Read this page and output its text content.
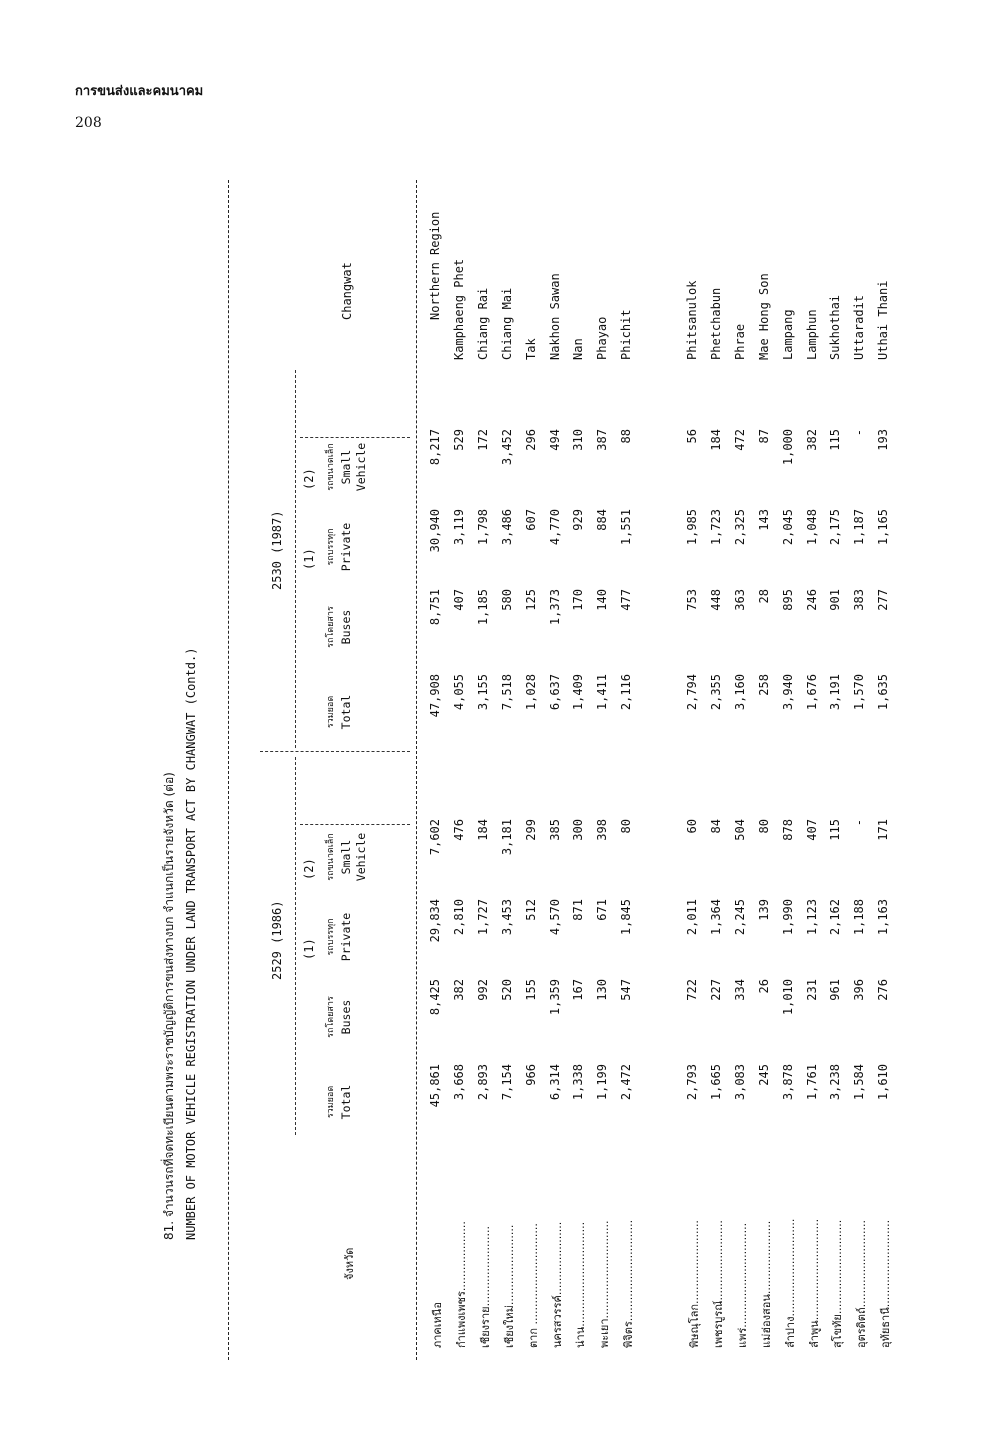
การขนส่งและคมนาคม
208
81. จำนวนรถที่จดทะเบียนตามพระราชบัญญัติการขนส่งทางบก จำแนกเป็นรายจังหวัด (ต่อ) NUMBER OF MOTOR VEHICLE REGISTRATION UNDER LAND TRANSPORT ACT BY CHANGWAT (Contd.)
จังหวัด
Changwat
2529 (1986)
2530 (1987)
(1)
(2)
(1)
(2)
รวมยอด Total
รถโดยสาร Buses
รถบรรทุก Private
รถขนาดเล็ก Small Vehicle
รวมยอด Total
รถโดยสาร Buses
รถบรรทุก Private
รถขนาดเล็ก Small Vehicle
ภาคเหนือ
45,861
8,425
29,834
7,602
47,908
8,751
30,940
8,217
Northern Region
กำแพงเพชร....................
3,668
382
2,810
476
4,055
407
3,119
529
Kamphaeng Phet
เชียงราย.......................
2,893
992
1,727
184
3,155
1,185
1,798
172
Chiang Rai
เชียงใหม่.......................
7,154
520
3,453
3,181
7,518
580
3,486
3,452
Chiang Mai
ตาก .............................
966
155
512
299
1,028
125
607
296
Tak
นครสวรรค์.....................
6,314
1,359
4,570
385
6,637
1,373
4,770
494
Nakhon Sawan
น่าน..............................
1,338
167
871
300
1,409
170
929
310
Nan
พะเยา............................
1,199
130
671
398
1,411
140
884
387
Phayao
พิจิตร.............................
2,472
547
1,845
80
2,116
477
1,551
88
Phichit
พิษณุโลก........................
2,793
722
2,011
60
2,794
753
1,985
56
Phitsanulok
เพชรบูรณ์.......................
1,665
227
1,364
84
2,355
448
1,723
184
Phetchabun
แพร่..............................
3,083
334
2,245
504
3,160
363
2,325
472
Phrae
แม่ฮ่องสอน.....................
245
26
139
80
258
28
143
87
Mae Hong Son
ลำปาง............................
3,878
1,010
1,990
878
3,940
895
2,045
1,000
Lampang
ลำพูน.............................
1,761
231
1,123
407
1,676
246
1,048
382
Lamphun
สุโขทัย...........................
3,238
961
2,162
115
3,191
901
2,175
115
Sukhothai
อุตรดิตถ์.........................
1,584
396
1,188
-
1,570
383
1,187
-
Uttaradit
อุทัยธานี.........................
1,610
276
1,163
171
1,635
277
1,165
193
Uthai Thani
